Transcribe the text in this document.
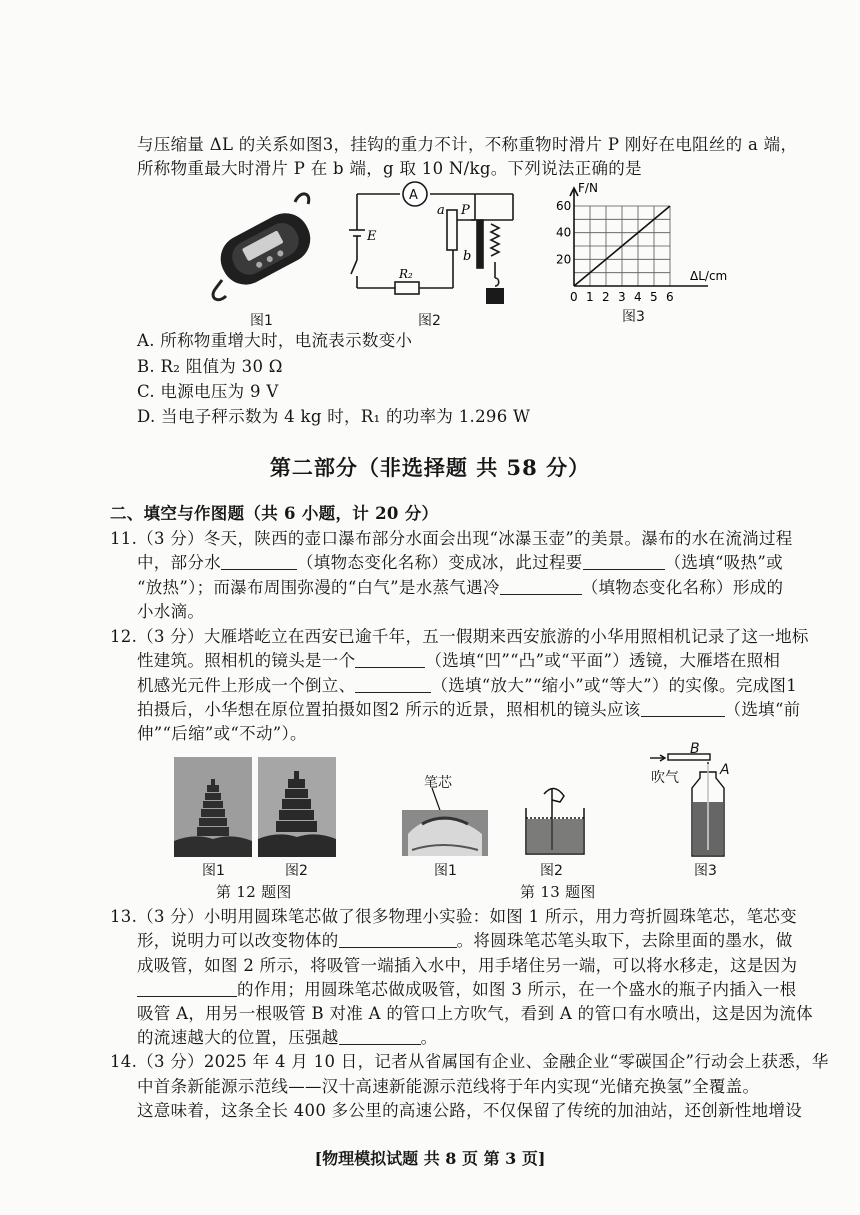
与压缩量 ΔL 的关系如图3，挂钩的重力不计，不称重物时滑片 P 刚好在电阻丝的 a 端，
所称物重最大时滑片 P 在 b 端，g 取 10 N/kg。下列说法正确的是
图1
A
a P
b
E
R₂
图2
20
40
60
0 1 2 3 4 5 6
F/N
ΔL/cm
图3
A. 所称物重增大时，电流表示数变小
B. R₂ 阻值为 30 Ω
C. 电源电压为 9 V
D. 当电子秤示数为 4 kg 时，R₁ 的功率为 1.296 W
第二部分（非选择题 共 58 分）
二、填空与作图题（共 6 小题，计 20 分）
11.（3 分）冬天，陕西的壶口瀑布部分水面会出现“冰瀑玉壶”的美景。瀑布的水在流淌过程
中，部分水	（填物态变化名称）变成冰，此过程要	（选填“吸热”或
“放热”）；而瀑布周围弥漫的“白气”是水蒸气遇冷	（填物态变化名称）形成的
小水滴。
12.（3 分）大雁塔屹立在西安已逾千年，五一假期来西安旅游的小华用照相机记录了这一地标
性建筑。照相机的镜头是一个	（选填“凹”“凸”或“平面”）透镜，大雁塔在照相
机感光元件上形成一个倒立、	（选填“放大”“缩小”或“等大”）的实像。完成图1
拍摄后，小华想在原位置拍摄如图2 所示的近景，照相机的镜头应该	（选填“前
伸”“后缩”或“不动”）。
图1	图2
第 12 题图
笔芯	吹气
B
A
图1	图2	图3
第 13 题图
13.（3 分）小明用圆珠笔芯做了很多物理小实验：如图 1 所示，用力弯折圆珠笔芯，笔芯变
形，说明力可以改变物体的	。将圆珠笔芯笔头取下，去除里面的墨水，做
成吸管，如图 2 所示，将吸管一端插入水中，用手堵住另一端，可以将水移走，这是因为
的作用；用圆珠笔芯做成吸管，如图 3 所示，在一个盛水的瓶子内插入一根
吸管 A，用另一根吸管 B 对准 A 的管口上方吹气，看到 A 的管口有水喷出，这是因为流体
的流速越大的位置，压强越	。
14.（3 分）2025 年 4 月 10 日，记者从省属国有企业、金融企业“零碳国企”行动会上获悉，华
中首条新能源示范线——汉十高速新能源示范线将于年内实现“光储充换氢”全覆盖。
这意味着，这条全长 400 多公里的高速公路，不仅保留了传统的加油站，还创新性地增设
[物理模拟试题 共 8 页 第 3 页]
